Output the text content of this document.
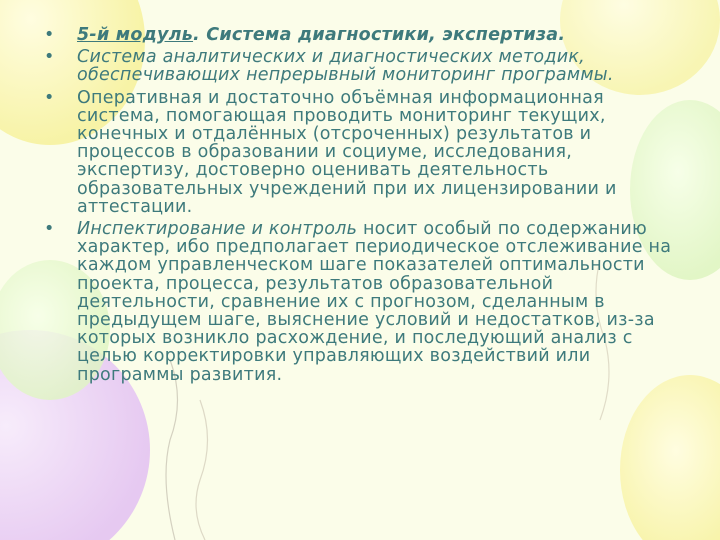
• 5-й модуль. Система диагностики, экспертиза.
• Система аналитических и диагностических методик, обеспечивающих непрерывный мониторинг программы.
• Оперативная и достаточно объёмная информационная система, помогающая проводить мониторинг текущих, конечных и отдалённых (отсроченных) результатов и процессов в образовании и социуме, исследования, экспертизу, достоверно оценивать деятельность образовательных учреждений при их лицензировании и аттестации.
• Инспектирование и контроль носит особый по содержанию характер, ибо предполагает периодическое отслеживание на каждом управленческом шаге показателей оптимальности проекта, процесса, результатов образовательной деятельности, сравнение их с прогнозом, сделанным в предыдущем шаге, выяснение условий и недостатков, из-за которых возникло расхождение, и последующий анализ с целью корректировки управляющих воздействий или программы развития.
